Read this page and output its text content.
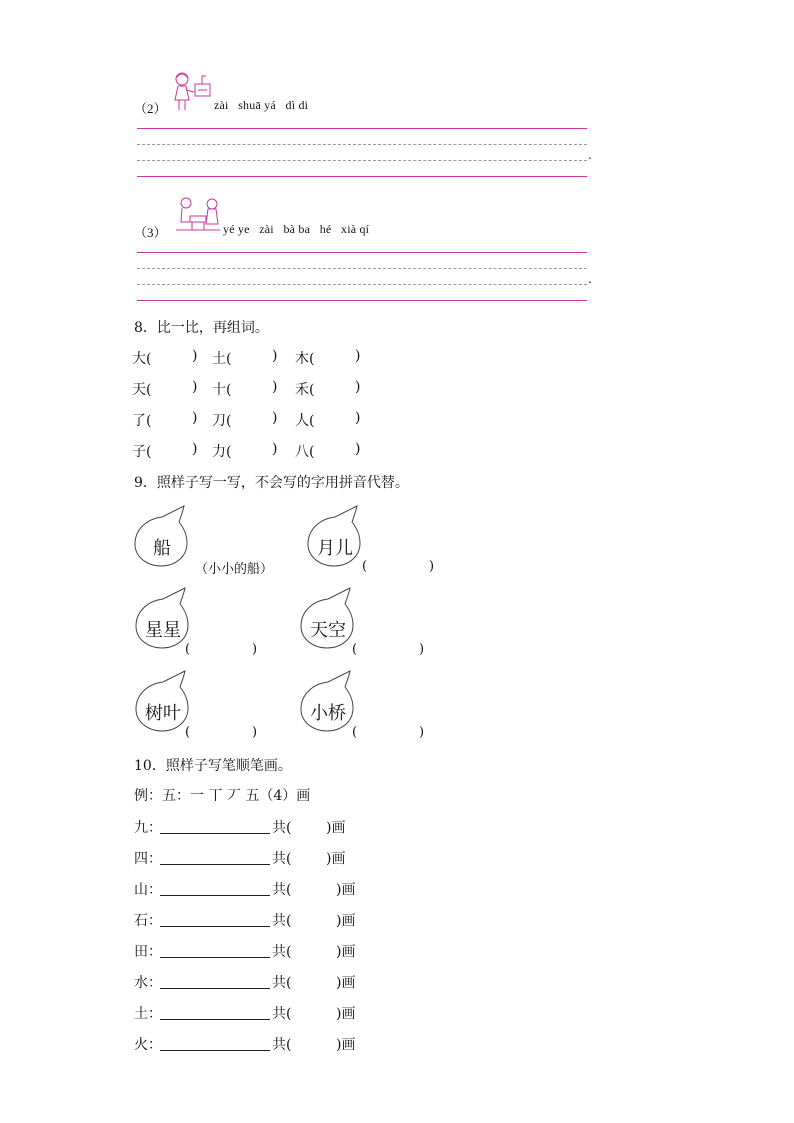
（2）	zài   shuā yá   dì di
.
（3）	yé ye   zài   bà ba   hé   xià qí
.
8．比一比，再组词。
大(	) 土(	) 木(	)
天(	) 十(	) 禾(	)
了(	) 刀(	) 人(	)
子(	) 力(	) 八(	)
9．照样子写一写，不会写的字用拼音代替。
船
（小小的船）
月儿
(               )
星星
(               )
天空
(               )
树叶
(               )
小桥
(               )
10．照样子写笔顺笔画。
例：五：一 丅 丆 五（4）画
九：	共( )画
四：	共( )画
山：	共(	)画
石：	共(	)画
田：	共(	)画
水：	共(	)画
土：	共(	)画
火：	共(	)画
